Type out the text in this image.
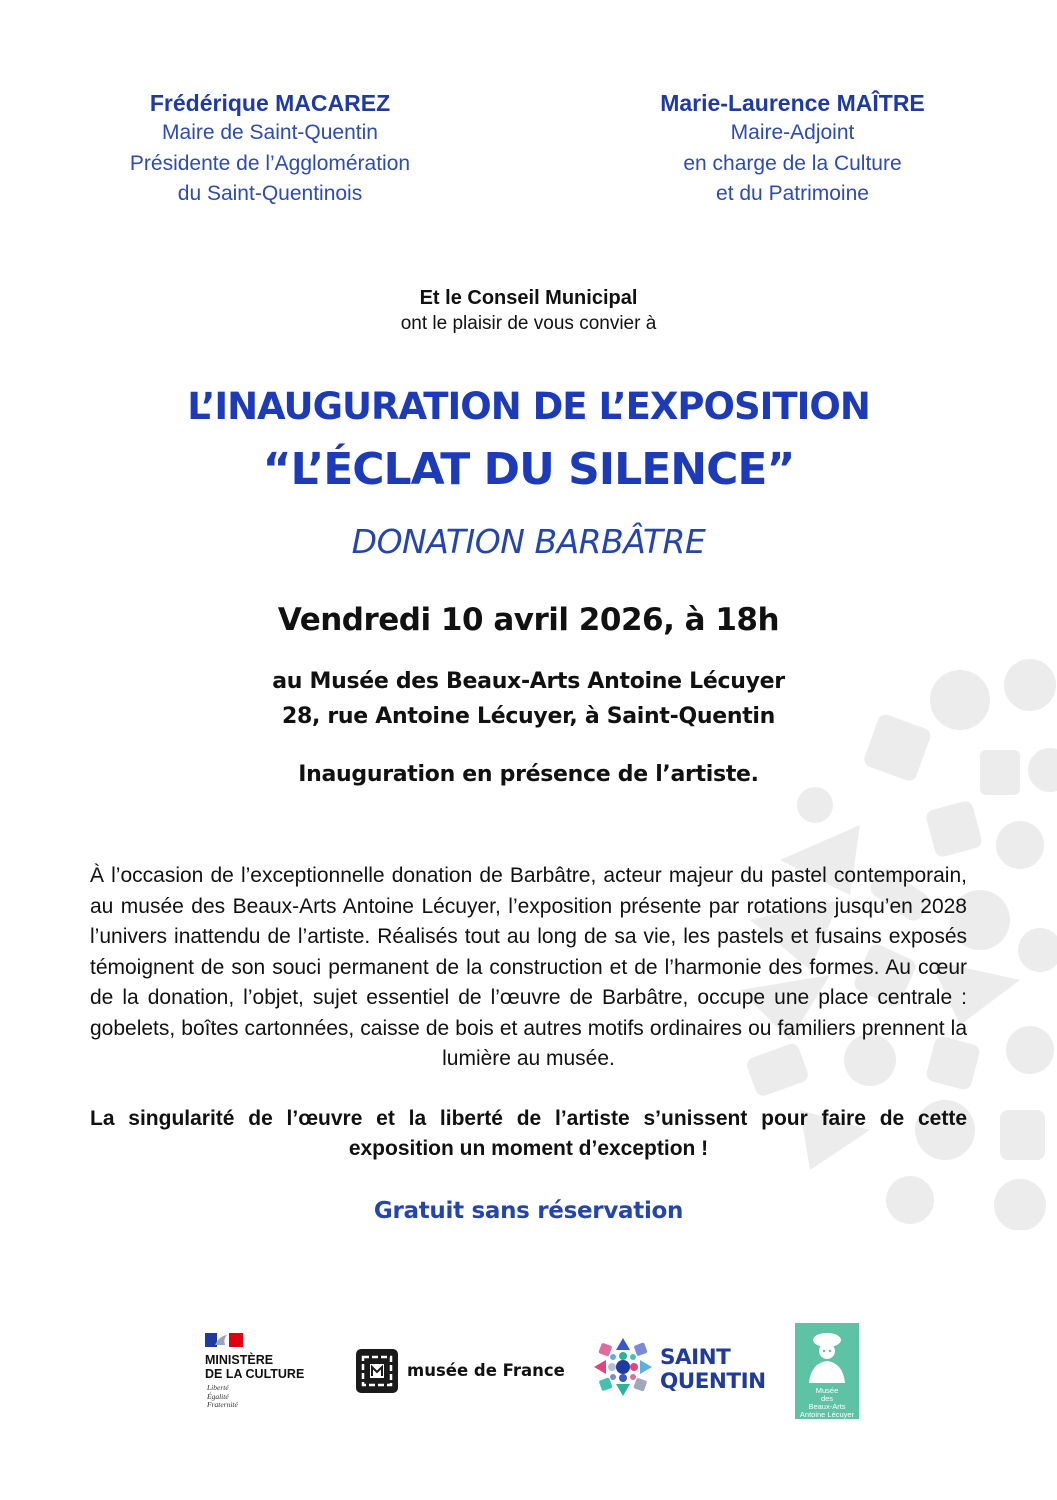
Frédérique MACAREZ
Maire de Saint-Quentin
Présidente de l’Agglomération
du Saint-Quentinois
Marie-Laurence MAÎTRE
Maire-Adjoint
en charge de la Culture
et du Patrimoine
Et le Conseil Municipal
ont le plaisir de vous convier à
L’INAUGURATION DE L’EXPOSITION
“L’ÉCLAT DU SILENCE”
DONATION BARBÂTRE
Vendredi 10 avril 2026, à 18h
au Musée des Beaux-Arts Antoine Lécuyer
28, rue Antoine Lécuyer, à Saint-Quentin
Inauguration en présence de l’artiste.
À l’occasion de l’exceptionnelle donation de Barbâtre, acteur majeur du pastel contemporain, au musée des Beaux-Arts Antoine Lécuyer, l’exposition présente par rotations jusqu’en 2028 l’univers inattendu de l’artiste. Réalisés tout au long de sa vie, les pastels et fusains exposés témoignent de son souci permanent de la construction et de l’harmonie des formes. Au cœur de la donation, l’objet, sujet essentiel de l’œuvre de Barbâtre, occupe une place centrale : gobelets, boîtes cartonnées, caisse de bois et autres motifs ordinaires ou familiers prennent la lumière au musée.
La singularité de l’œuvre et la liberté de l’artiste s’unissent pour faire de cette exposition un moment d’exception !
Gratuit sans réservation
MINISTÈRE
DE LA CULTURE
Liberté
Égalité
Fraternité
musée de France
SAINT
QUENTIN	Musée
des
Beaux-Arts
Antoine Lécuyer
